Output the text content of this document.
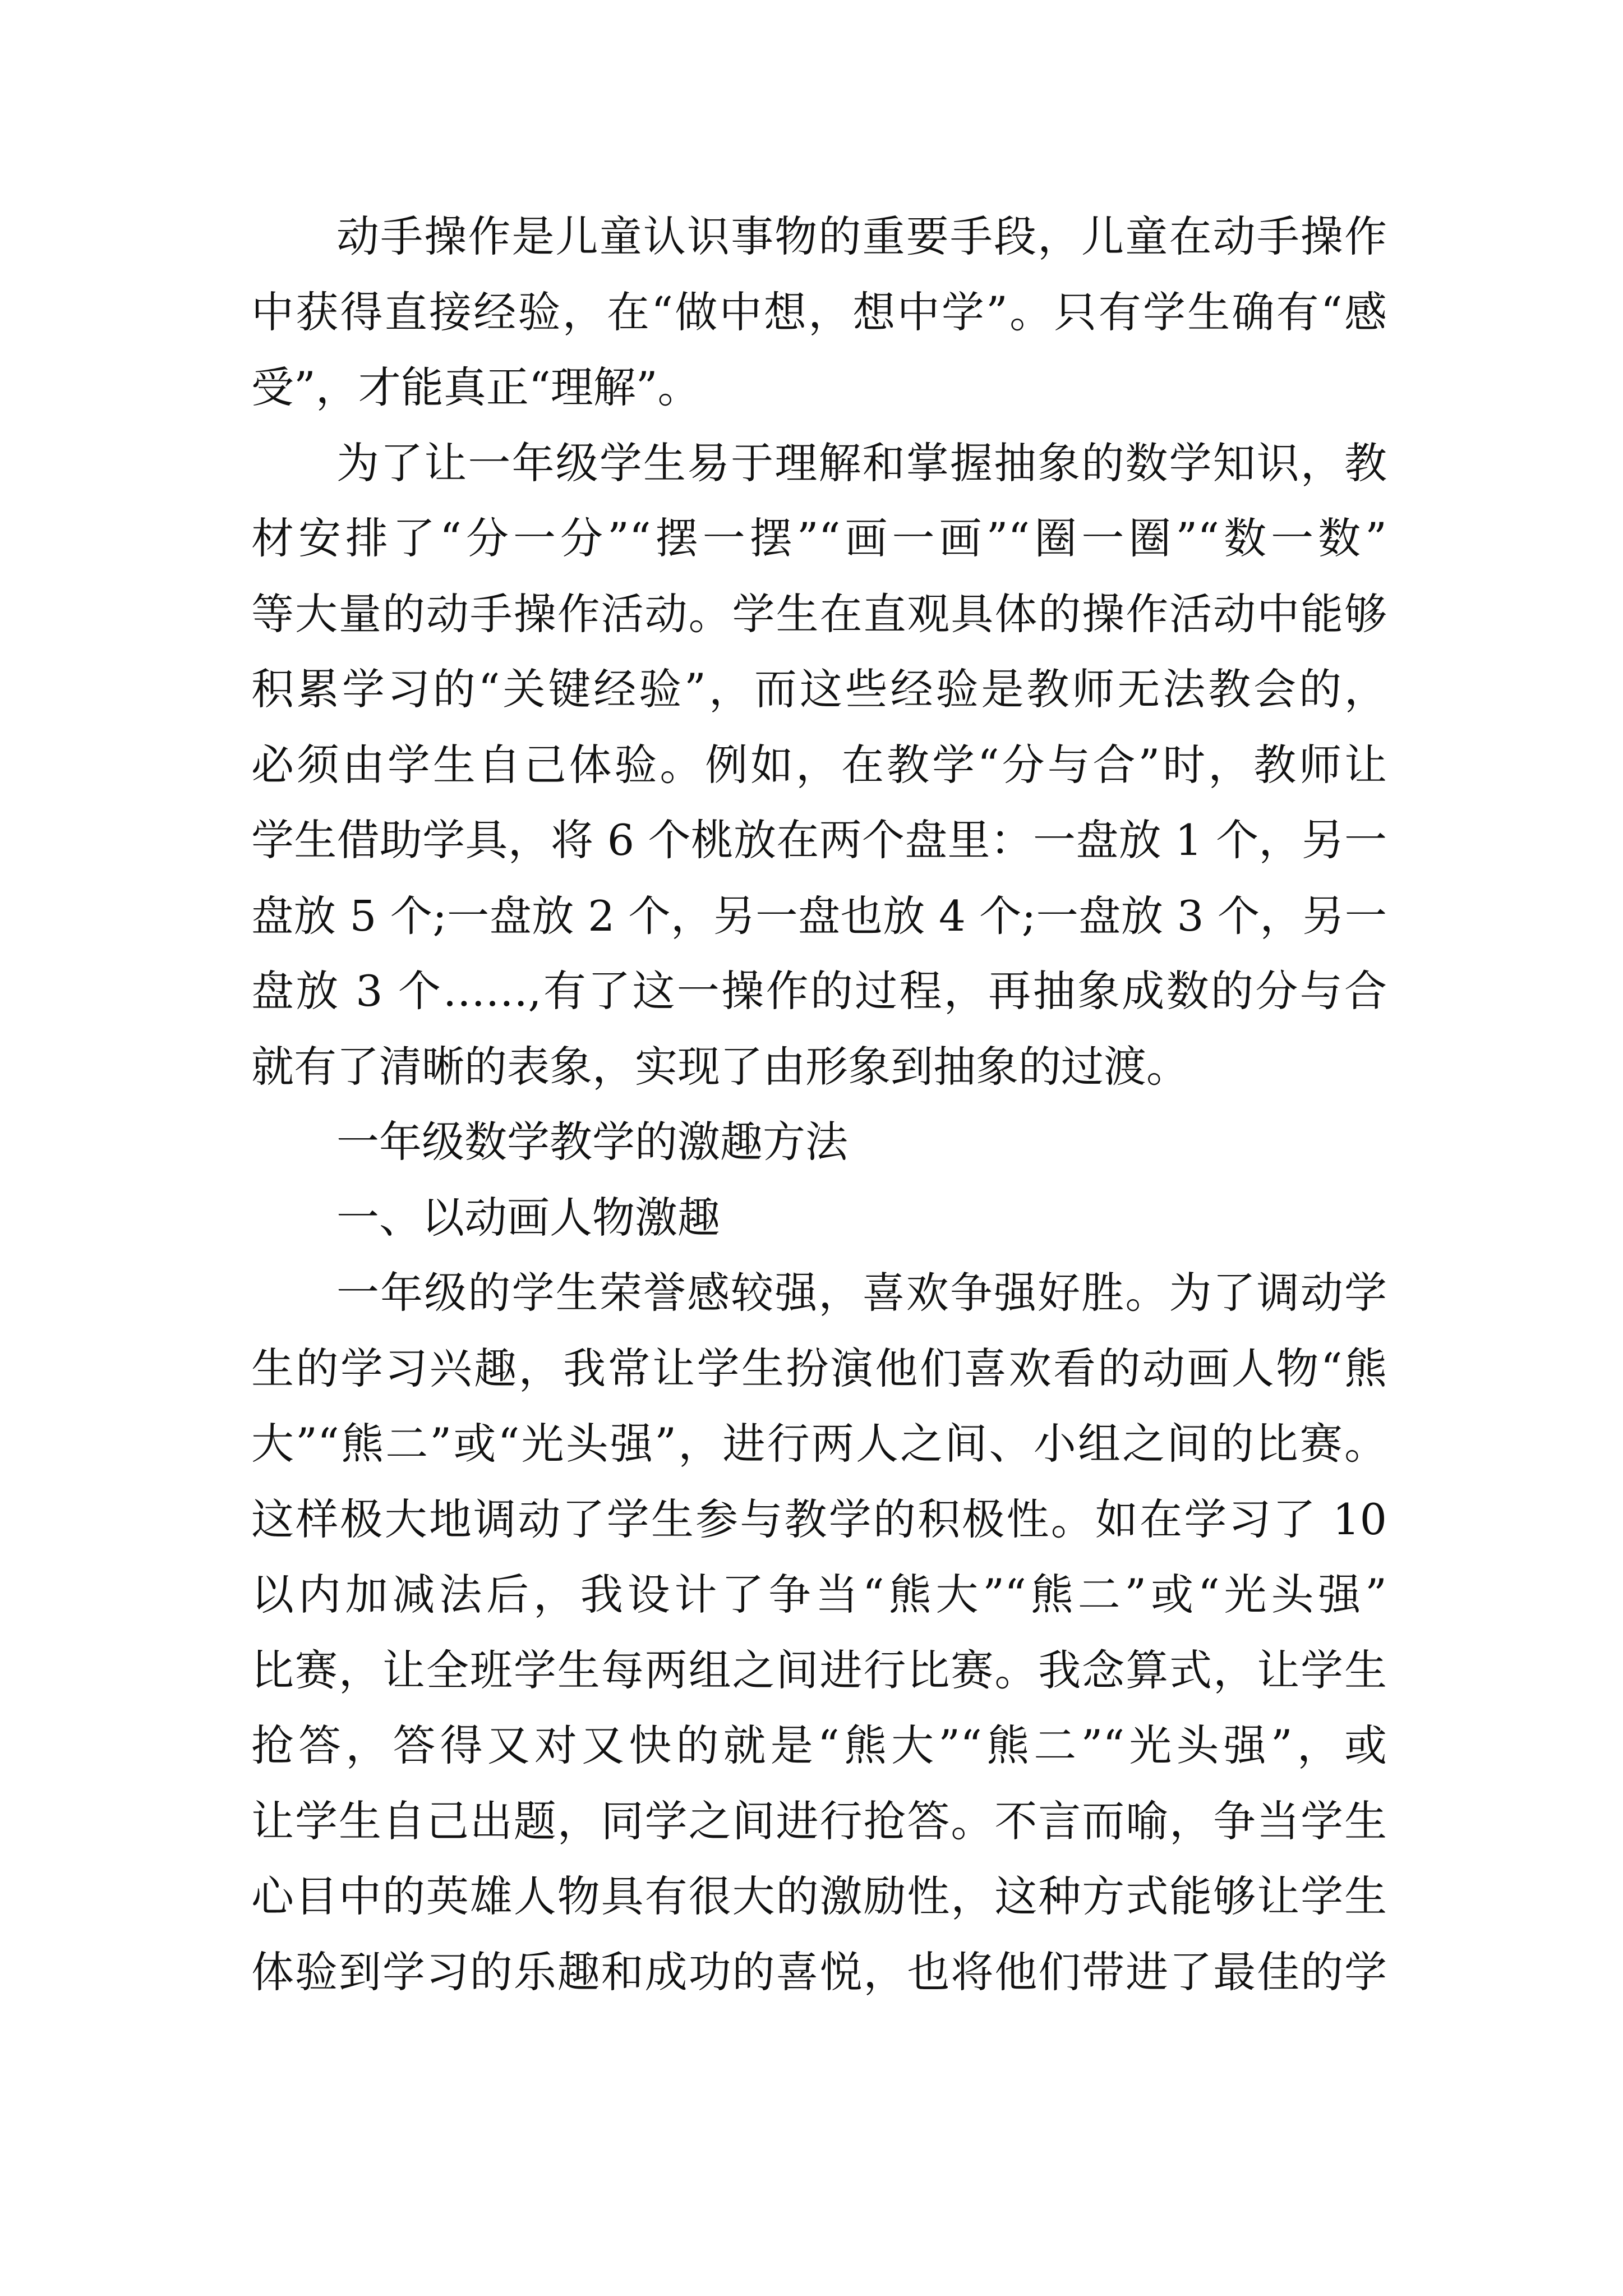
动手操作是儿童认识事物的重要手段，儿童在动手操作
中获得直接经验，在“做中想，想中学”。只有学生确有“感
受”，才能真正“理解”。
为了让一年级学生易于理解和掌握抽象的数学知识，教
材安排了“分一分”“摆一摆”“画一画”“圈一圈”“数一数”
等大量的动手操作活动。学生在直观具体的操作活动中能够
积累学习的“关键经验”，而这些经验是教师无法教会的，
必须由学生自己体验。例如，在教学“分与合”时，教师让
学生借助学具，将 6 个桃放在两个盘里：一盘放 1 个，另一
盘放 5 个;一盘放 2 个，另一盘也放 4 个;一盘放 3 个，另一
盘放 3 个……,有了这一操作的过程，再抽象成数的分与合
就有了清晰的表象，实现了由形象到抽象的过渡。
一年级数学教学的激趣方法
一、以动画人物激趣
一年级的学生荣誉感较强，喜欢争强好胜。为了调动学
生的学习兴趣，我常让学生扮演他们喜欢看的动画人物“熊
大”“熊二”或“光头强”，进行两人之间、小组之间的比赛。
这样极大地调动了学生参与教学的积极性。如在学习了 10
以内加减法后，我设计了争当“熊大”“熊二”或“光头强”
比赛，让全班学生每两组之间进行比赛。我念算式，让学生
抢答，答得又对又快的就是“熊大”“熊二”“光头强”，或
让学生自己出题，同学之间进行抢答。不言而喻，争当学生
心目中的英雄人物具有很大的激励性，这种方式能够让学生
体验到学习的乐趣和成功的喜悦，也将他们带进了最佳的学
